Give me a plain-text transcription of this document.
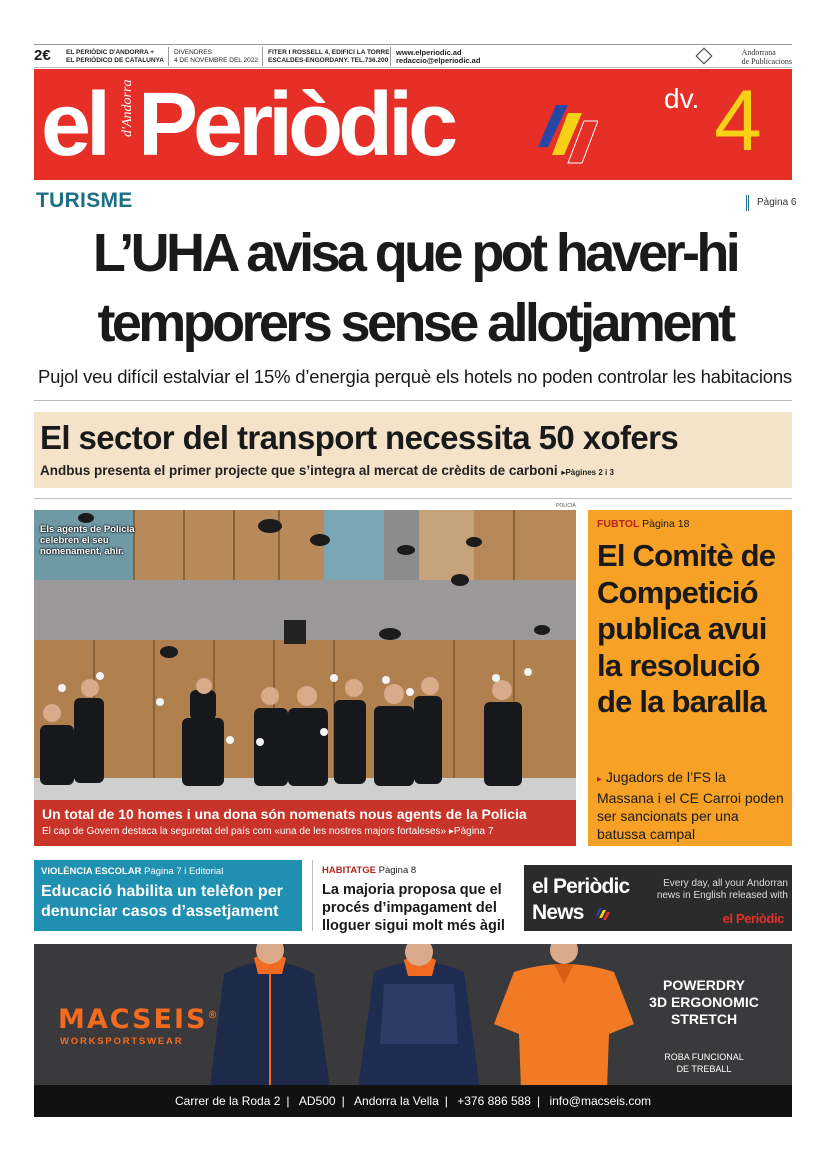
2€ EL PERIÒDIC D'ANDORRA +
EL PERIÓDICO DE CATALUNYA
DIVENDRES
4 DE NOVEMBRE DEL 2022
FITER I ROSSELL 4, EDIFICI LA TORRE
ESCALDES-ENGORDANY. TEL.736.200
www.elperiodic.ad
redaccio@elperiodic.ad
Andorrana
de Publicacions
el d'Andorra Periòdic	dv. 4
TURISME	Pàgina 6
L’UHA avisa que pot haver-hi
temporers sense allotjament
Pujol veu difícil estalviar el 15% d’energia perquè els hotels no poden controlar les habitacions
El sector del transport necessita 50 xofers

Andbus presenta el primer projecte que s’integra al mercat de crèdits de carboni ▸Pàgines 2 i 3

POLICIA
Els agents de Policia celebren el seu nomenament, ahir.
Un total de 10 homes i una dona són nomenats nous agents de la Policia
El cap de Govern destaca la seguretat del país com «una de les nostres majors fortaleses» ▸Pàgina 7
FUBTOL Pàgina 18
El Comitè de Competició publica avui la resolució de la baralla

▸ Jugadors de l’FS la Massana i el CE Carroi poden ser sancionats per una batussa campal

VIOLÈNCIA ESCOLAR Pàgina 7 i Editorial
Educació habilita un telèfon per denunciar casos d’assetjament
HABITATGE Pàgina 8
La majoria proposa que el procés d’impagament del lloguer sigui molt més àgil
el Periòdic
News
Every day, all your Andorran news in English released with
el Periòdic
MACSEIS®
WORKSPORTSWEAR
POWERDRY
3D ERGONOMIC
STRETCH
ROBA FUNCIONAL
DE TREBALL
Carrer de la Roda 2 | AD500 | Andorra la Vella | +376 886 588 | info@macseis.com
